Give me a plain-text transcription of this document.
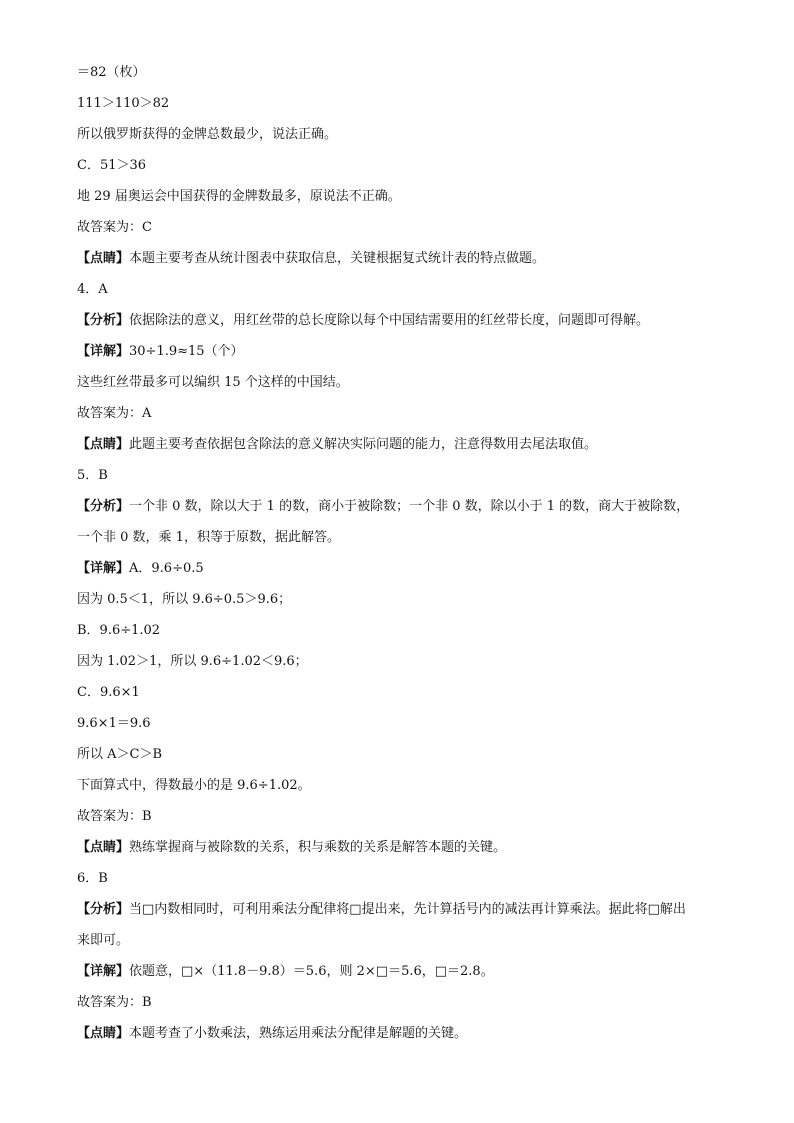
＝82（枚）
111＞110＞82
所以俄罗斯获得的金牌总数最少，说法正确。
C．51＞36
地 29 届奥运会中国获得的金牌数最多，原说法不正确。
故答案为：C
【点睛】本题主要考查从统计图表中获取信息，关键根据复式统计表的特点做题。
4．A
【分析】依据除法的意义，用红丝带的总长度除以每个中国结需要用的红丝带长度，问题即可得解。
【详解】30÷1.9≈15（个）
这些红丝带最多可以编织 15 个这样的中国结。
故答案为：A
【点睛】此题主要考查依据包含除法的意义解决实际问题的能力，注意得数用去尾法取值。
5．B
【分析】一个非 0 数，除以大于 1 的数，商小于被除数；一个非 0 数，除以小于 1 的数，商大于被除数，
一个非 0 数，乘 1，积等于原数，据此解答。
【详解】A．9.6÷0.5
因为 0.5＜1，所以 9.6÷0.5＞9.6；
B．9.6÷1.02
因为 1.02＞1，所以 9.6÷1.02＜9.6；
C．9.6×1
9.6×1＝9.6
所以 A＞C＞B
下面算式中，得数最小的是 9.6÷1.02。
故答案为：B
【点睛】熟练掌握商与被除数的关系，积与乘数的关系是解答本题的关键。
6．B
【分析】当□内数相同时，可利用乘法分配律将□提出来，先计算括号内的减法再计算乘法。据此将□解出
来即可。
【详解】依题意，□×（11.8－9.8）＝5.6，则 2×□＝5.6，□＝2.8。
故答案为：B
【点睛】本题考查了小数乘法，熟练运用乘法分配律是解题的关键。
